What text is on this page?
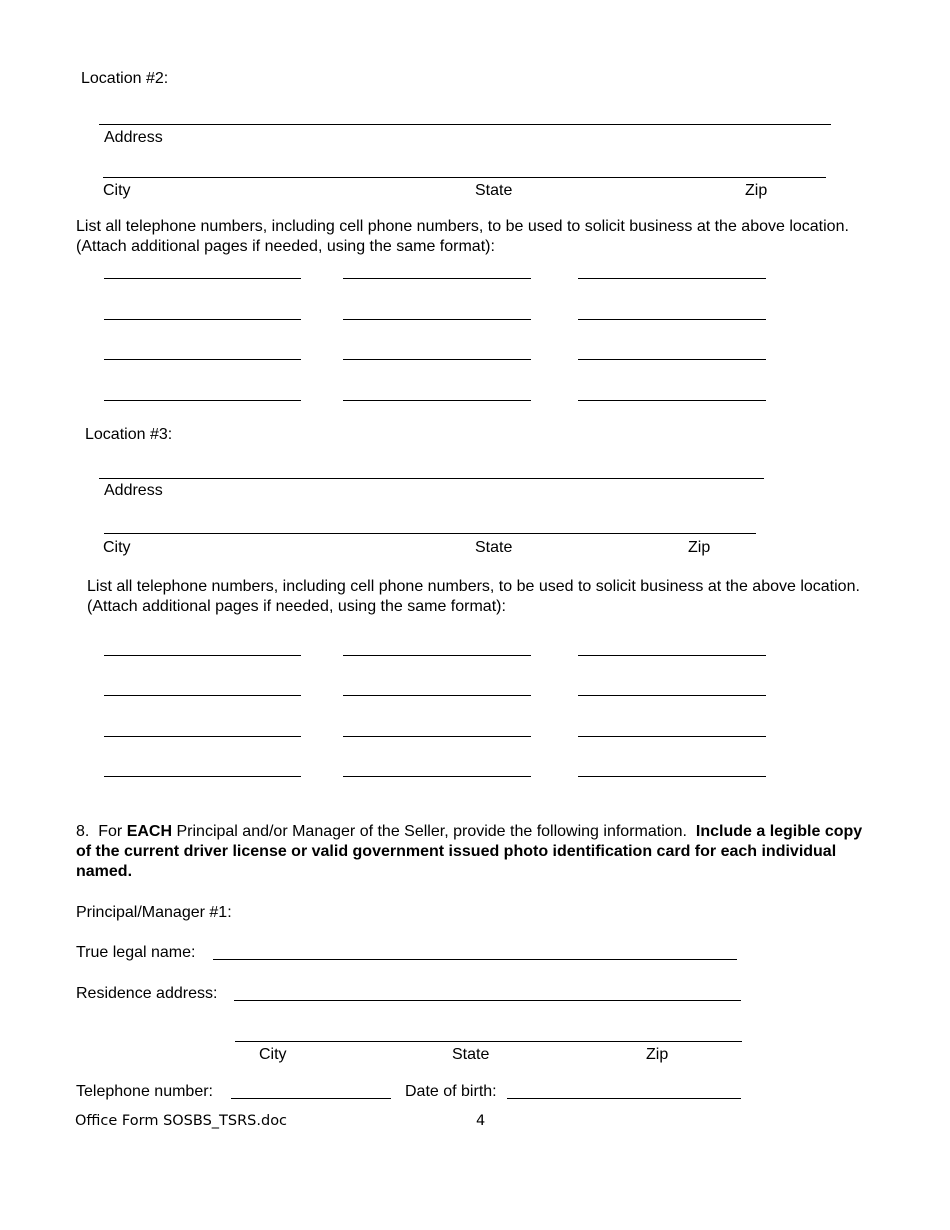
Location #2:
Address
City	State	Zip
List all telephone numbers, including cell phone numbers, to be used to solicit business at the above location. (Attach additional pages if needed, using the same format):
Location #3:
Address
City	State	Zip
List all telephone numbers, including cell phone numbers, to be used to solicit business at the above location. (Attach additional pages if needed, using the same format):
8. For EACH Principal and/or Manager of the Seller, provide the following information. Include a legible copy of the current driver license or valid government issued photo identification card for each individual named.
Principal/Manager #1:
True legal name:
Residence address:
City	State	Zip
Telephone number:	Date of birth:
Office Form SOSBS_TSRS.doc	4
